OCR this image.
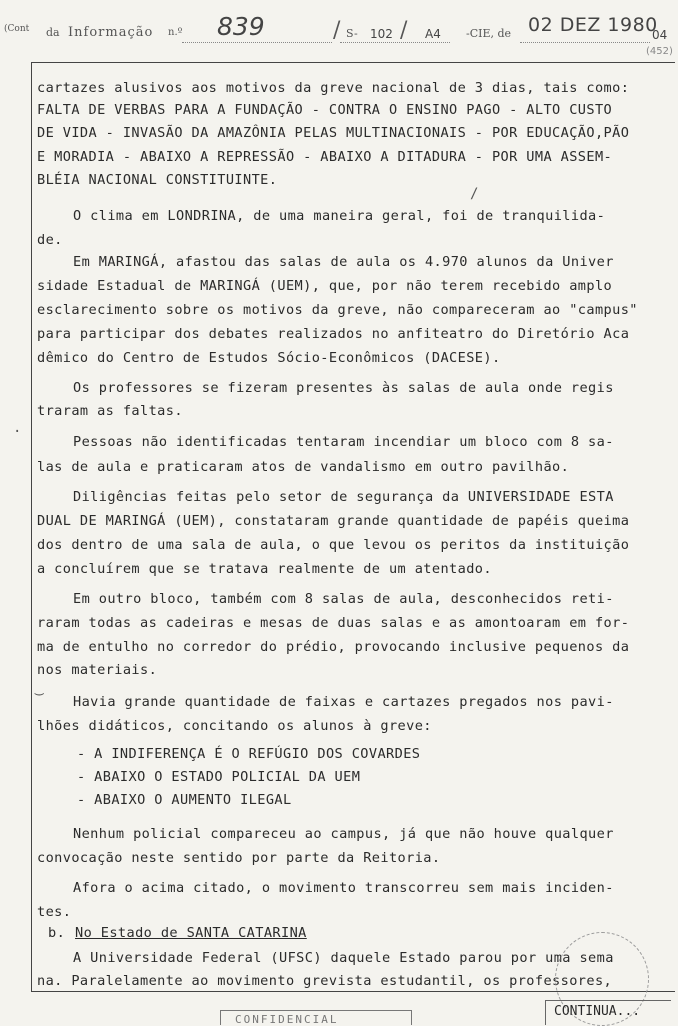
(Cont da Informação n.º 839	/ S- 102 / A4 -CIE, de 02 DEZ 1980
04
(452)
cartazes alusivos aos motivos da greve nacional de 3 dias, tais como:
FALTA DE VERBAS PARA A FUNDAÇÃO - CONTRA O ENSINO PAGO - ALTO CUSTO
DE VIDA - INVASÃO DA AMAZÔNIA PELAS MULTINACIONAIS - POR EDUCAÇÃO,PÃO
E MORADIA - ABAIXO A REPRESSÃO - ABAIXO A DITADURA - POR UMA ASSEM-
BLÉIA NACIONAL CONSTITUINTE.
O clima em LONDRINA, de uma maneira geral, foi de tranquilida-
de.
Em MARINGÁ, afastou das salas de aula os 4.970 alunos da Univer
sidade Estadual de MARINGÁ (UEM), que, por não terem recebido amplo
esclarecimento sobre os motivos da greve, não compareceram ao "campus"
para participar dos debates realizados no anfiteatro do Diretório Aca
dêmico do Centro de Estudos Sócio-Econômicos (DACESE).
Os professores se fizeram presentes às salas de aula onde regis
traram as faltas.
Pessoas não identificadas tentaram incendiar um bloco com 8 sa-
las de aula e praticaram atos de vandalismo em outro pavilhão.
Diligências feitas pelo setor de segurança da UNIVERSIDADE ESTA
DUAL DE MARINGÁ (UEM), constataram grande quantidade de papéis queima
dos dentro de uma sala de aula, o que levou os peritos da instituição
a concluírem que se tratava realmente de um atentado.
Em outro bloco, também com 8 salas de aula, desconhecidos reti-
raram todas as cadeiras e mesas de duas salas e as amontoaram em for-
ma de entulho no corredor do prédio, provocando inclusive pequenos da
nos materiais.
Havia grande quantidade de faixas e cartazes pregados nos pavi-
lhões didáticos, concitando os alunos à greve:
- A INDIFERENÇA É O REFÚGIO DOS COVARDES
- ABAIXO O ESTADO POLICIAL DA UEM
- ABAIXO O AUMENTO ILEGAL
Nenhum policial compareceu ao campus, já que não houve qualquer
convocação neste sentido por parte da Reitoria.
Afora o acima citado, o movimento transcorreu sem mais inciden-
tes.
b. No Estado de SANTA CATARINA
A Universidade Federal (UFSC) daquele Estado parou por uma sema
na. Paralelamente ao movimento grevista estudantil, os professores,
.
/
‿
CONTINUA...
CONFIDENCIAL
